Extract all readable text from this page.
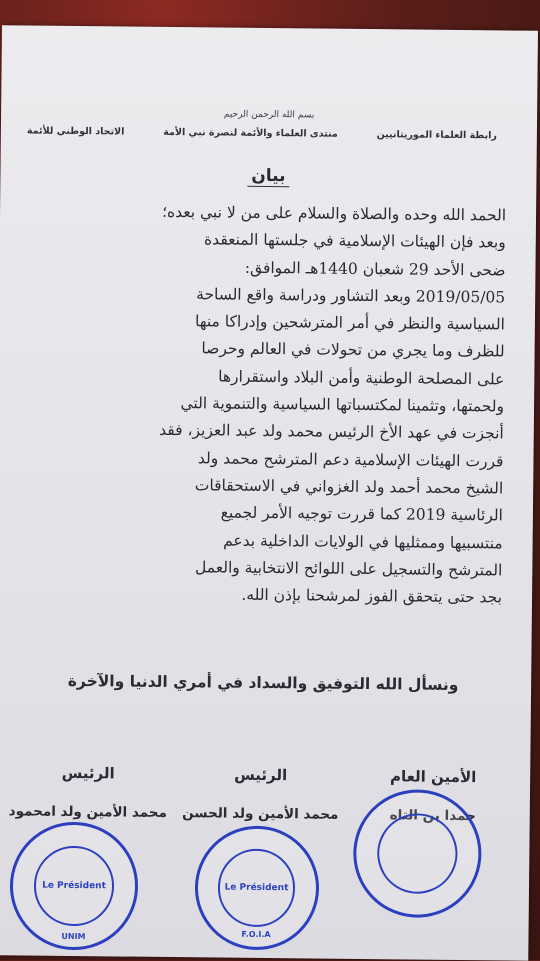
بسم الله الرحمن الرحيم
رابطة العلماء الموريتانيين
منتدى العلماء والأئمة لنصرة نبي الأمة
الاتحاد الوطني للأئمة
بيان
الحمد الله وحده والصلاة والسلام على من لا نبي بعده؛
وبعد فإن الهيئات الإسلامية في جلستها المنعقدة
ضحى الأحد 29 شعبان 1440هـ الموافق:
2019/05/05 وبعد التشاور ودراسة واقع الساحة
السياسية والنظر في أمر المترشحين وإدراكا منها
للظرف وما يجري من تحولات في العالم وحرصا
على المصلحة الوطنية وأمن البلاد واستقرارها
ولحمتها، وتثمينا لمكتسباتها السياسية والتنموية التي
أنجزت في عهد الأخ الرئيس محمد ولد عبد العزيز، فقد
قررت الهيئات الإسلامية دعم المترشح محمد ولد
الشيخ محمد أحمد ولد الغزواني في الاستحقاقات
الرئاسية 2019 كما قررت توجيه الأمر لجميع
منتسبيها وممثليها في الولايات الداخلية بدعم
المترشح والتسجيل على اللوائح الانتخابية والعمل
بجد حتى يتحقق الفوز لمرشحنا بإذن الله.
ونسأل الله التوفيق والسداد في أمري الدنيا والآخرة
الأمين العام
حمدا بن التاه
الرئيس
محمد الأمين ولد الحسن
Le Président
F.O.I.A
الرئيس
محمد الأمين ولد امحمود
Le Président
UNIM
